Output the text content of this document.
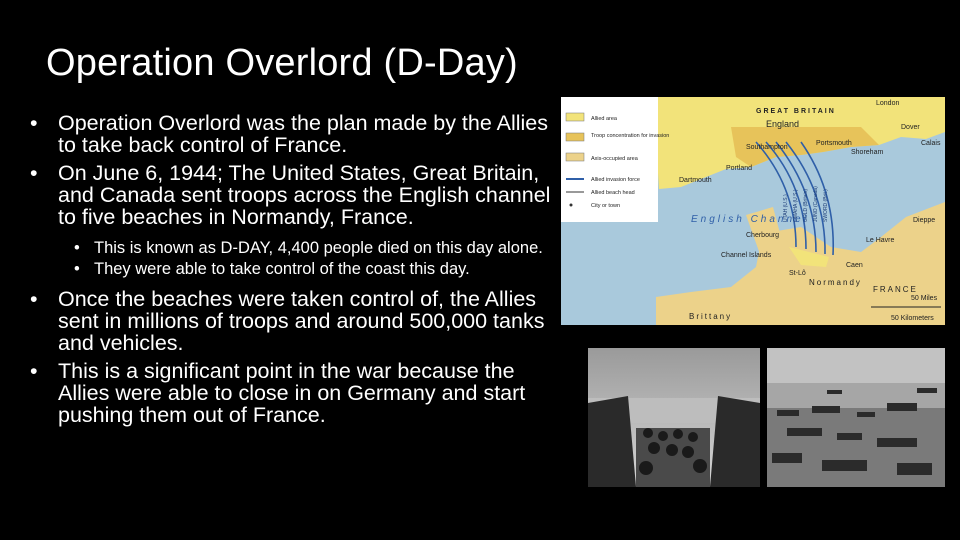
Operation Overlord (D-Day)
• Operation Overlord was the plan made by the Allies to take back control of France.
• On June 6, 1944; The United States, Great Britain, and Canada sent troops across the English channel to five beaches in Normandy, France.
• This is known as D-DAY, 4,400 people died on this day alone.
• They were able to take control of the coast this day.
• Once the beaches were taken control of, the Allies sent in millions of troops and around 500,000 tanks and vehicles.
• This is a significant point in the war because the Allies were able to close in on Germany and start pushing them out of France.
Allied area
Troop concentration for invasion
Axis-occupied area
Allied invasion force
Allied beach head
City or town
GREAT BRITAIN
England
London
Dover
Calais
Southampton
Portsmouth
Shoreham
Portland
Dartmouth
English Channel
Cherbourg
Channel Islands
St-Lô
Caen
Dieppe
Le Havre
Normandy
FRANCE
Brittany
50 Miles
50 Kilometers
UTAH (U.S.) OMAHA (U.S.) GOLD (Britain) JUNO (Canada) SWORD (Brit.)
